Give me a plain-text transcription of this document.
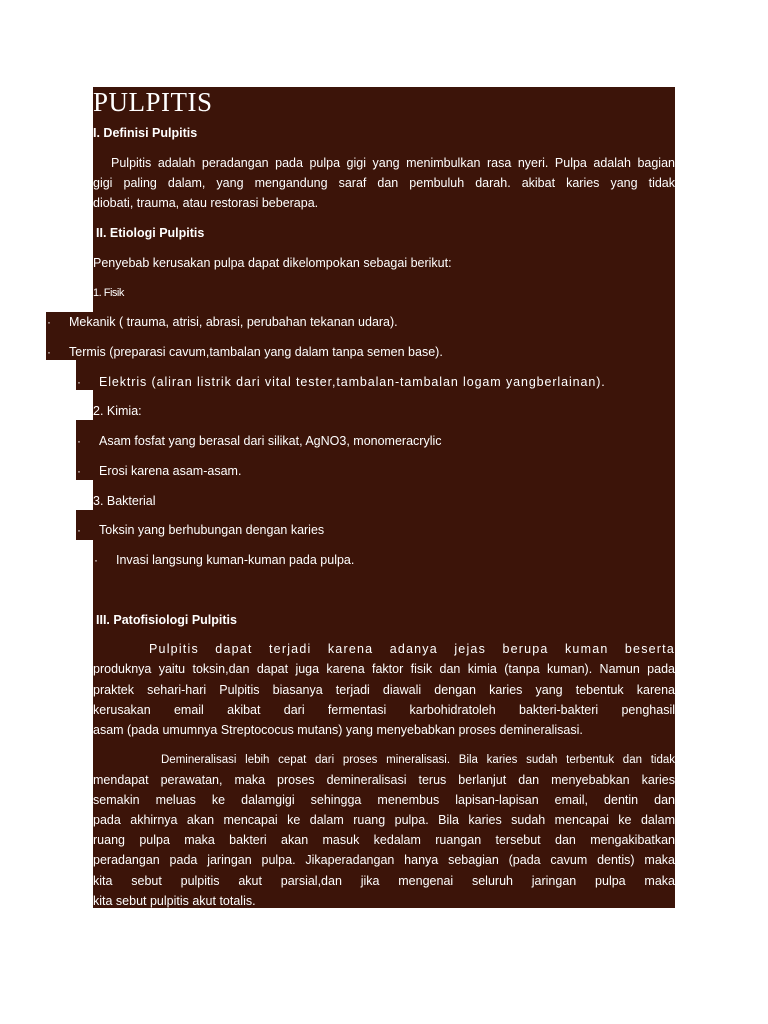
PULPITIS
I. Definisi Pulpitis
Pulpitis adalah peradangan pada pulpa gigi yang menimbulkan rasa nyeri. Pulpa adalah bagian
gigi paling dalam, yang mengandung saraf dan pembuluh darah. akibat karies yang tidak
diobati, trauma, atau restorasi beberapa.
II. Etiologi Pulpitis
Penyebab kerusakan pulpa dapat dikelompokan sebagai berikut:
1. Fisik
· Mekanik ( trauma, atrisi, abrasi, perubahan tekanan udara).
· Termis (preparasi cavum,tambalan yang dalam tanpa semen base).
· Elektris (aliran listrik dari vital tester,tambalan-tambalan logam yangberlainan).
2. Kimia:
· Asam fosfat yang berasal dari silikat, AgNO3, monomeracrylic
· Erosi karena asam-asam.
3. Bakterial
· Toksin yang berhubungan dengan karies
· Invasi langsung kuman-kuman pada pulpa.
III. Patofisiologi Pulpitis
Pulpitis dapat terjadi karena adanya jejas berupa kuman beserta
produknya yaitu toksin,dan dapat juga karena faktor fisik dan kimia (tanpa kuman). Namun pada
praktek sehari-hari Pulpitis biasanya terjadi diawali dengan karies yang tebentuk karena
kerusakan email akibat dari fermentasi karbohidratoleh bakteri-bakteri penghasil
asam (pada umumnya Streptococus mutans) yang menyebabkan proses demineralisasi.
Demineralisasi lebih cepat dari proses mineralisasi. Bila karies sudah terbentuk dan tidak
mendapat perawatan, maka proses demineralisasi terus berlanjut dan menyebabkan karies
semakin meluas ke dalamgigi sehingga menembus lapisan-lapisan email, dentin dan
pada akhirnya akan mencapai ke dalam ruang pulpa. Bila karies sudah mencapai ke dalam
ruang pulpa maka bakteri akan masuk kedalam ruangan tersebut dan mengakibatkan
peradangan pada jaringan pulpa. Jikaperadangan hanya sebagian (pada cavum dentis) maka
kita sebut pulpitis akut parsial,dan jika mengenai seluruh jaringan pulpa maka
kita sebut pulpitis akut totalis.
